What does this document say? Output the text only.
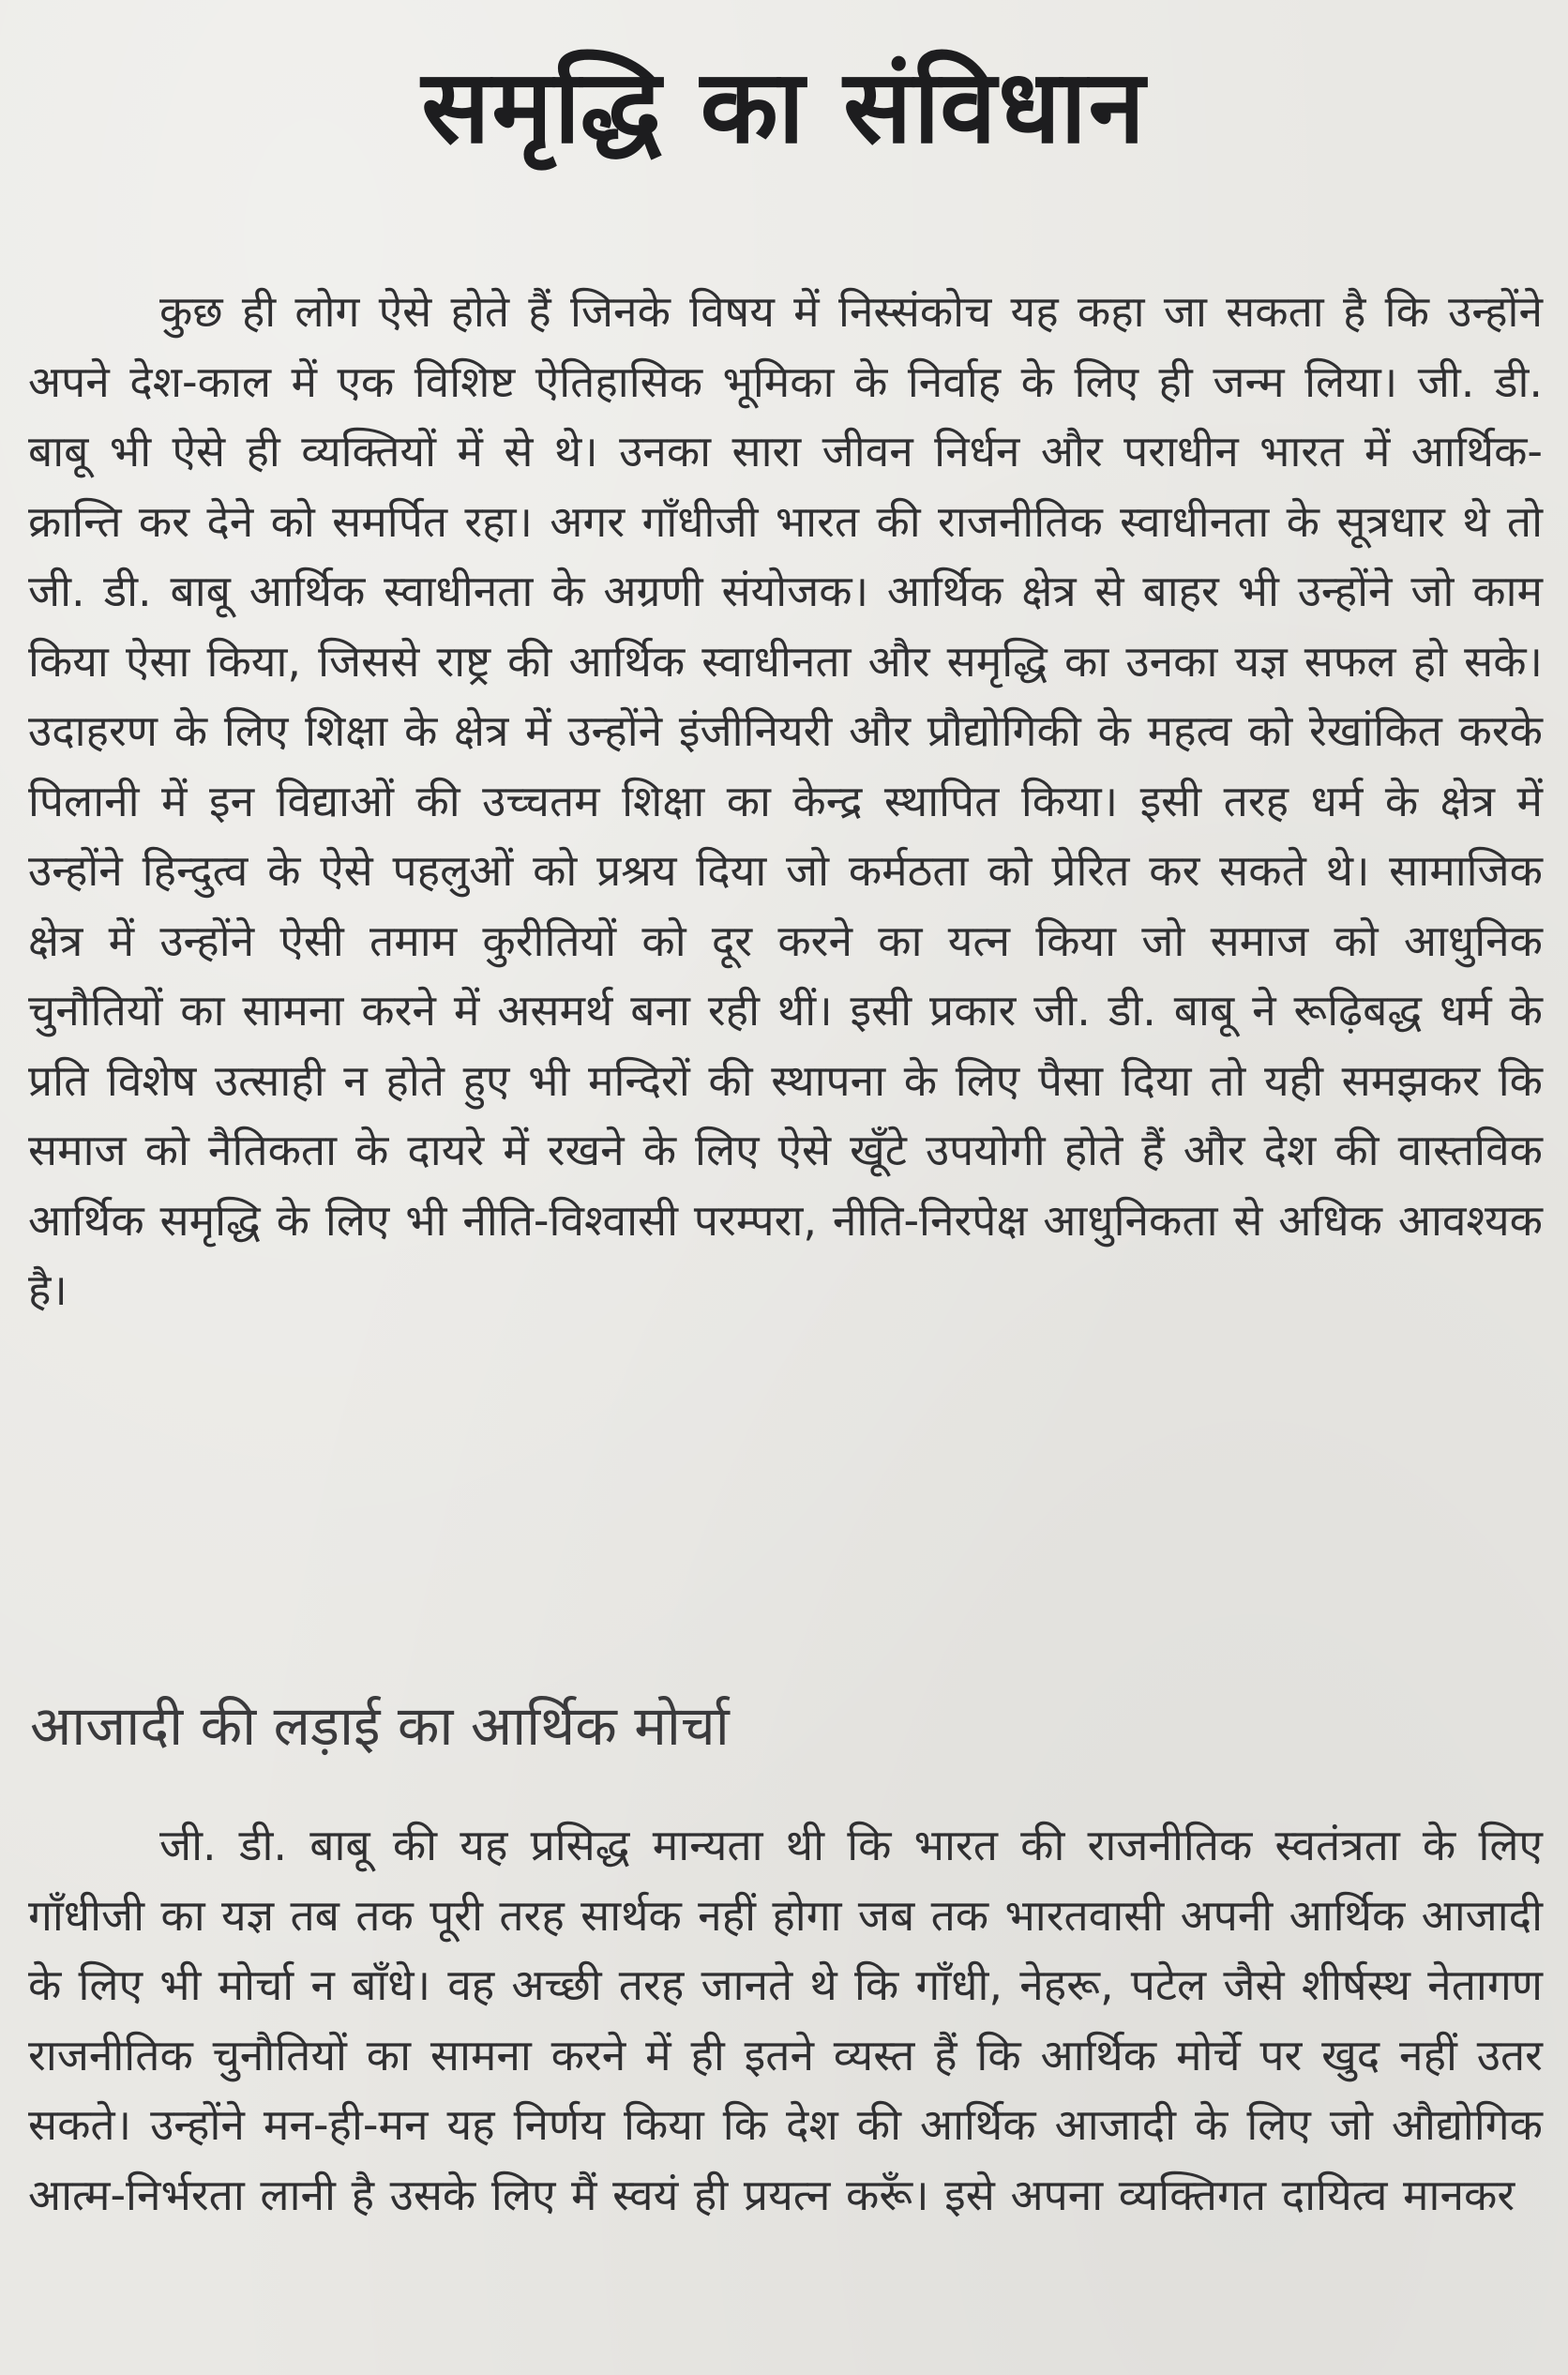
समृद्धि का संविधान

कुछ ही लोग ऐसे होते हैं जिनके विषय में निस्संकोच यह कहा जा सकता है कि उन्होंने अपने देश-काल में एक विशिष्ट ऐतिहासिक भूमिका के निर्वाह के लिए ही जन्म लिया। जी. डी. बाबू भी ऐसे ही व्यक्तियों में से थे। उनका सारा जीवन निर्धन और पराधीन भारत में आर्थिक-क्रान्ति कर देने को समर्पित रहा। अगर गाँधीजी भारत की राजनीतिक स्वाधीनता के सूत्रधार थे तो जी. डी. बाबू आर्थिक स्वाधीनता के अग्रणी संयोजक। आर्थिक क्षेत्र से बाहर भी उन्होंने जो काम किया ऐसा किया, जिससे राष्ट्र की आर्थिक स्वाधीनता और समृद्धि का उनका यज्ञ सफल हो सके। उदाहरण के लिए शिक्षा के क्षेत्र में उन्होंने इंजीनियरी और प्रौद्योगिकी के महत्व को रेखांकित करके पिलानी में इन विद्याओं की उच्चतम शिक्षा का केन्द्र स्थापित किया। इसी तरह धर्म के क्षेत्र में उन्होंने हिन्दुत्व के ऐसे पहलुओं को प्रश्रय दिया जो कर्मठता को प्रेरित कर सकते थे। सामाजिक क्षेत्र में उन्होंने ऐसी तमाम कुरीतियों को दूर करने का यत्न किया जो समाज को आधुनिक चुनौतियों का सामना करने में असमर्थ बना रही थीं। इसी प्रकार जी. डी. बाबू ने रूढ़िबद्ध धर्म के प्रति विशेष उत्साही न होते हुए भी मन्दिरों की स्थापना के लिए पैसा दिया तो यही समझकर कि समाज को नैतिकता के दायरे में रखने के लिए ऐसे खूँटे उपयोगी होते हैं और देश की वास्तविक आर्थिक समृद्धि के लिए भी नीति-विश्वासी परम्परा, नीति-निरपेक्ष आधुनिकता से अधिक आवश्यक है।

आजादी की लड़ाई का आर्थिक मोर्चा

जी. डी. बाबू की यह प्रसिद्ध मान्यता थी कि भारत की राजनीतिक स्वतंत्रता के लिए गाँधीजी का यज्ञ तब तक पूरी तरह सार्थक नहीं होगा जब तक भारतवासी अपनी आर्थिक आजादी के लिए भी मोर्चा न बाँधे। वह अच्छी तरह जानते थे कि गाँधी, नेहरू, पटेल जैसे शीर्षस्थ नेतागण राजनीतिक चुनौतियों का सामना करने में ही इतने व्यस्त हैं कि आर्थिक मोर्चे पर खुद नहीं उतर सकते। उन्होंने मन-ही-मन यह निर्णय किया कि देश की आर्थिक आजादी के लिए जो औद्योगिक आत्म-निर्भरता लानी है उसके लिए मैं स्वयं ही प्रयत्न करूँ। इसे अपना व्यक्तिगत दायित्व मानकर
